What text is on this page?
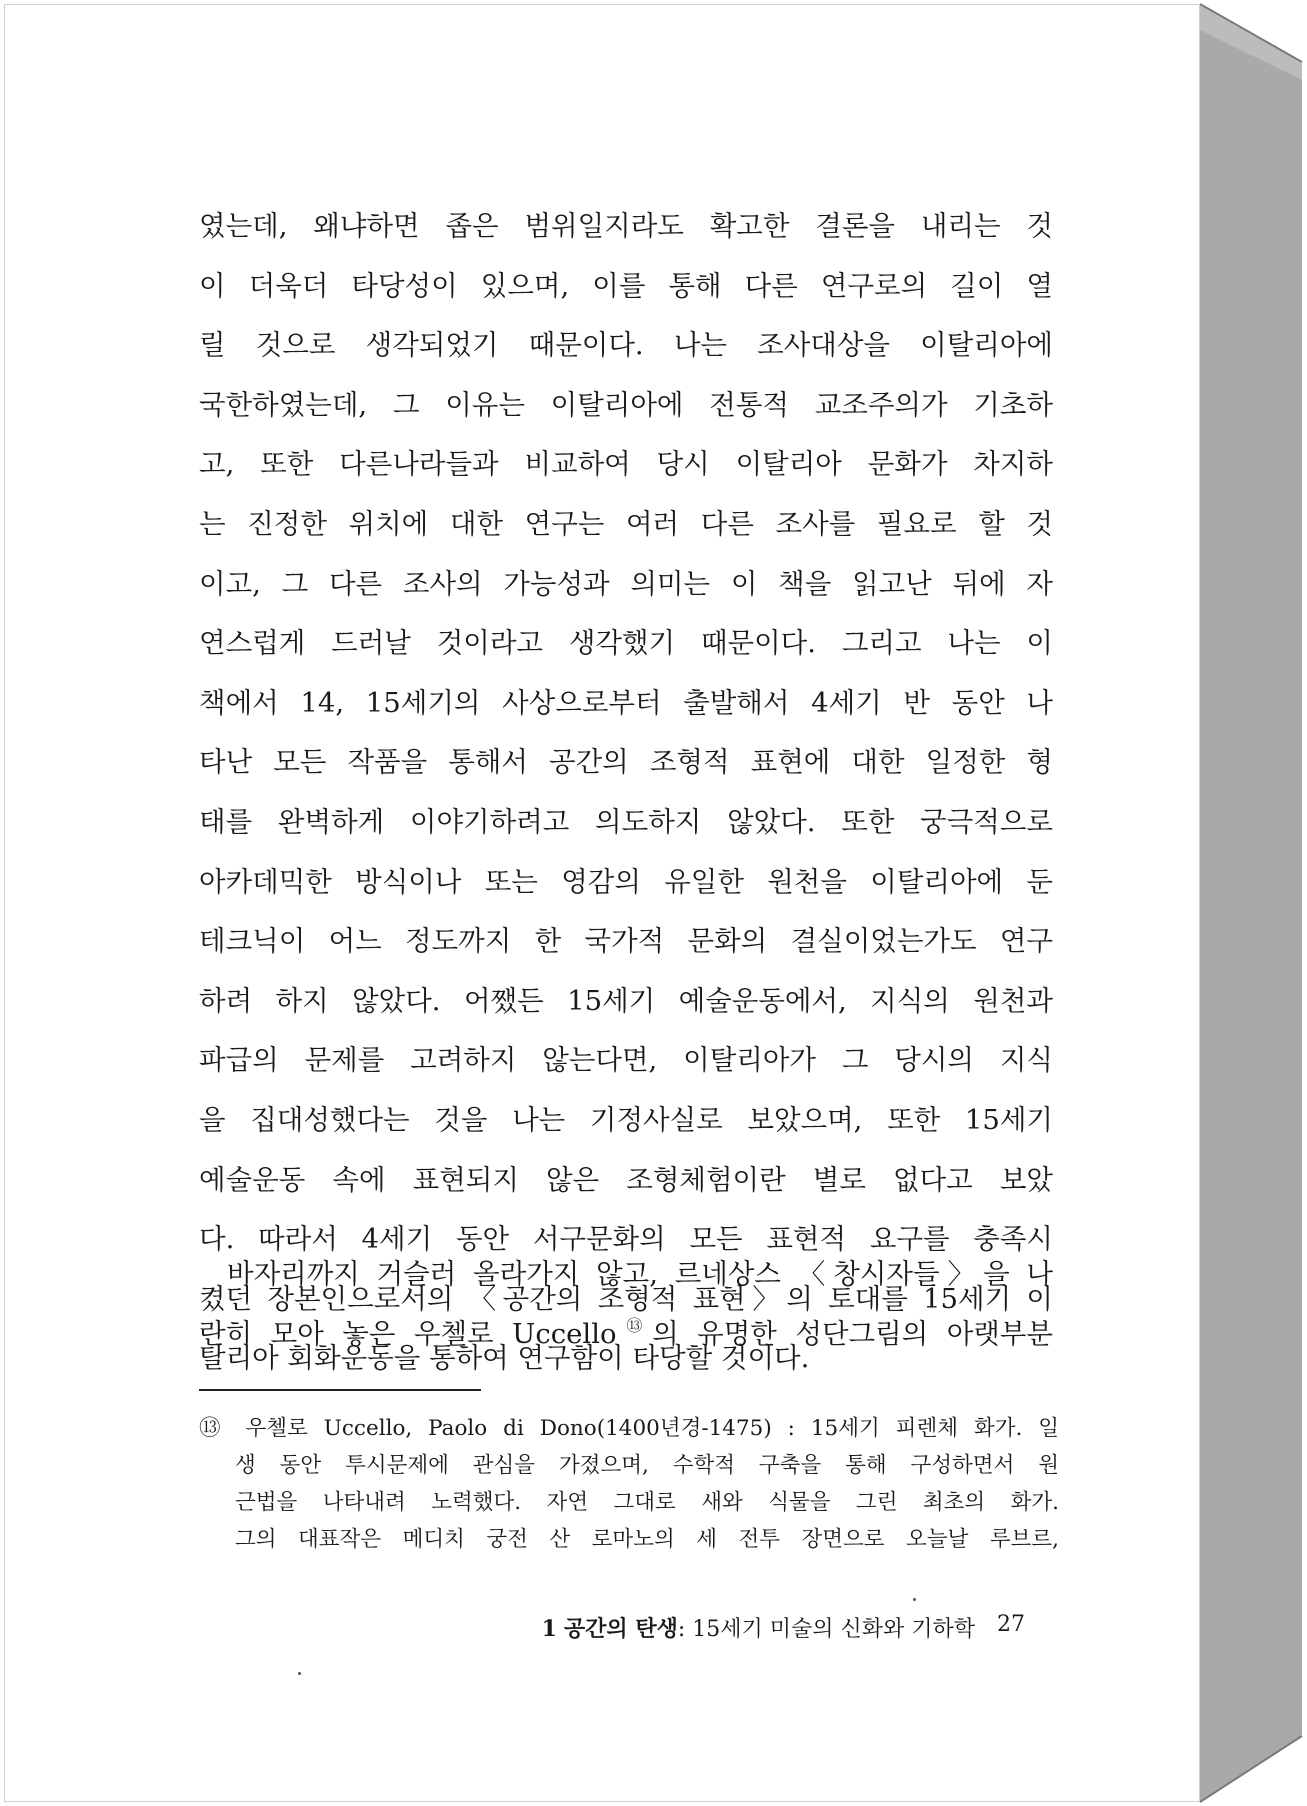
였는데, 왜냐하면 좁은 범위일지라도 확고한 결론을 내리는 것
이 더욱더 타당성이 있으며, 이를 통해 다른 연구로의 길이 열
릴 것으로 생각되었기 때문이다. 나는 조사대상을 이탈리아에
국한하였는데, 그 이유는 이탈리아에 전통적 교조주의가 기초하
고, 또한 다른나라들과 비교하여 당시 이탈리아 문화가 차지하
는 진정한 위치에 대한 연구는 여러 다른 조사를 필요로 할 것
이고, 그 다른 조사의 가능성과 의미는 이 책을 읽고난 뒤에 자
연스럽게 드러날 것이라고 생각했기 때문이다. 그리고 나는 이
책에서 14, 15세기의 사상으로부터 출발해서 4세기 반 동안 나
타난 모든 작품을 통해서 공간의 조형적 표현에 대한 일정한 형
태를 완벽하게 이야기하려고 의도하지 않았다. 또한 궁극적으로
아카데믹한 방식이나 또는 영감의 유일한 원천을 이탈리아에 둔
테크닉이 어느 정도까지 한 국가적 문화의 결실이었는가도 연구
하려 하지 않았다. 어쨌든 15세기 예술운동에서, 지식의 원천과
파급의 문제를 고려하지 않는다면, 이탈리아가 그 당시의 지식
을 집대성했다는 것을 나는 기정사실로 보았으며, 또한 15세기
예술운동 속에 표현되지 않은 조형체험이란 별로 없다고 보았
다. 따라서 4세기 동안 서구문화의 모든 표현적 요구를 충족시
켰던 장본인으로서의 〈공간의 조형적 표현〉의 토대를 15세기 이
탈리아 회화운동을 통하여 연구함이 타당할 것이다.
바자리까지 거슬러 올라가지 않고, 르네상스 〈창시자들〉을 나
란히 모아 놓은 우첼로 Uccello⑬의 유명한 성단그림의 아랫부분
⑬ 우첼로 Uccello, Paolo di Dono(1400년경-1475) : 15세기 피렌체 화가. 일
생 동안 투시문제에 관심을 가졌으며, 수학적 구축을 통해 구성하면서 원
근법을 나타내려 노력했다. 자연 그대로 새와 식물을 그린 최초의 화가.
그의 대표작은 메디치 궁전 산 로마노의 세 전투 장면으로 오늘날 루브르,
1 공간의 탄생: 15세기 미술의 신화와 기하학 27
